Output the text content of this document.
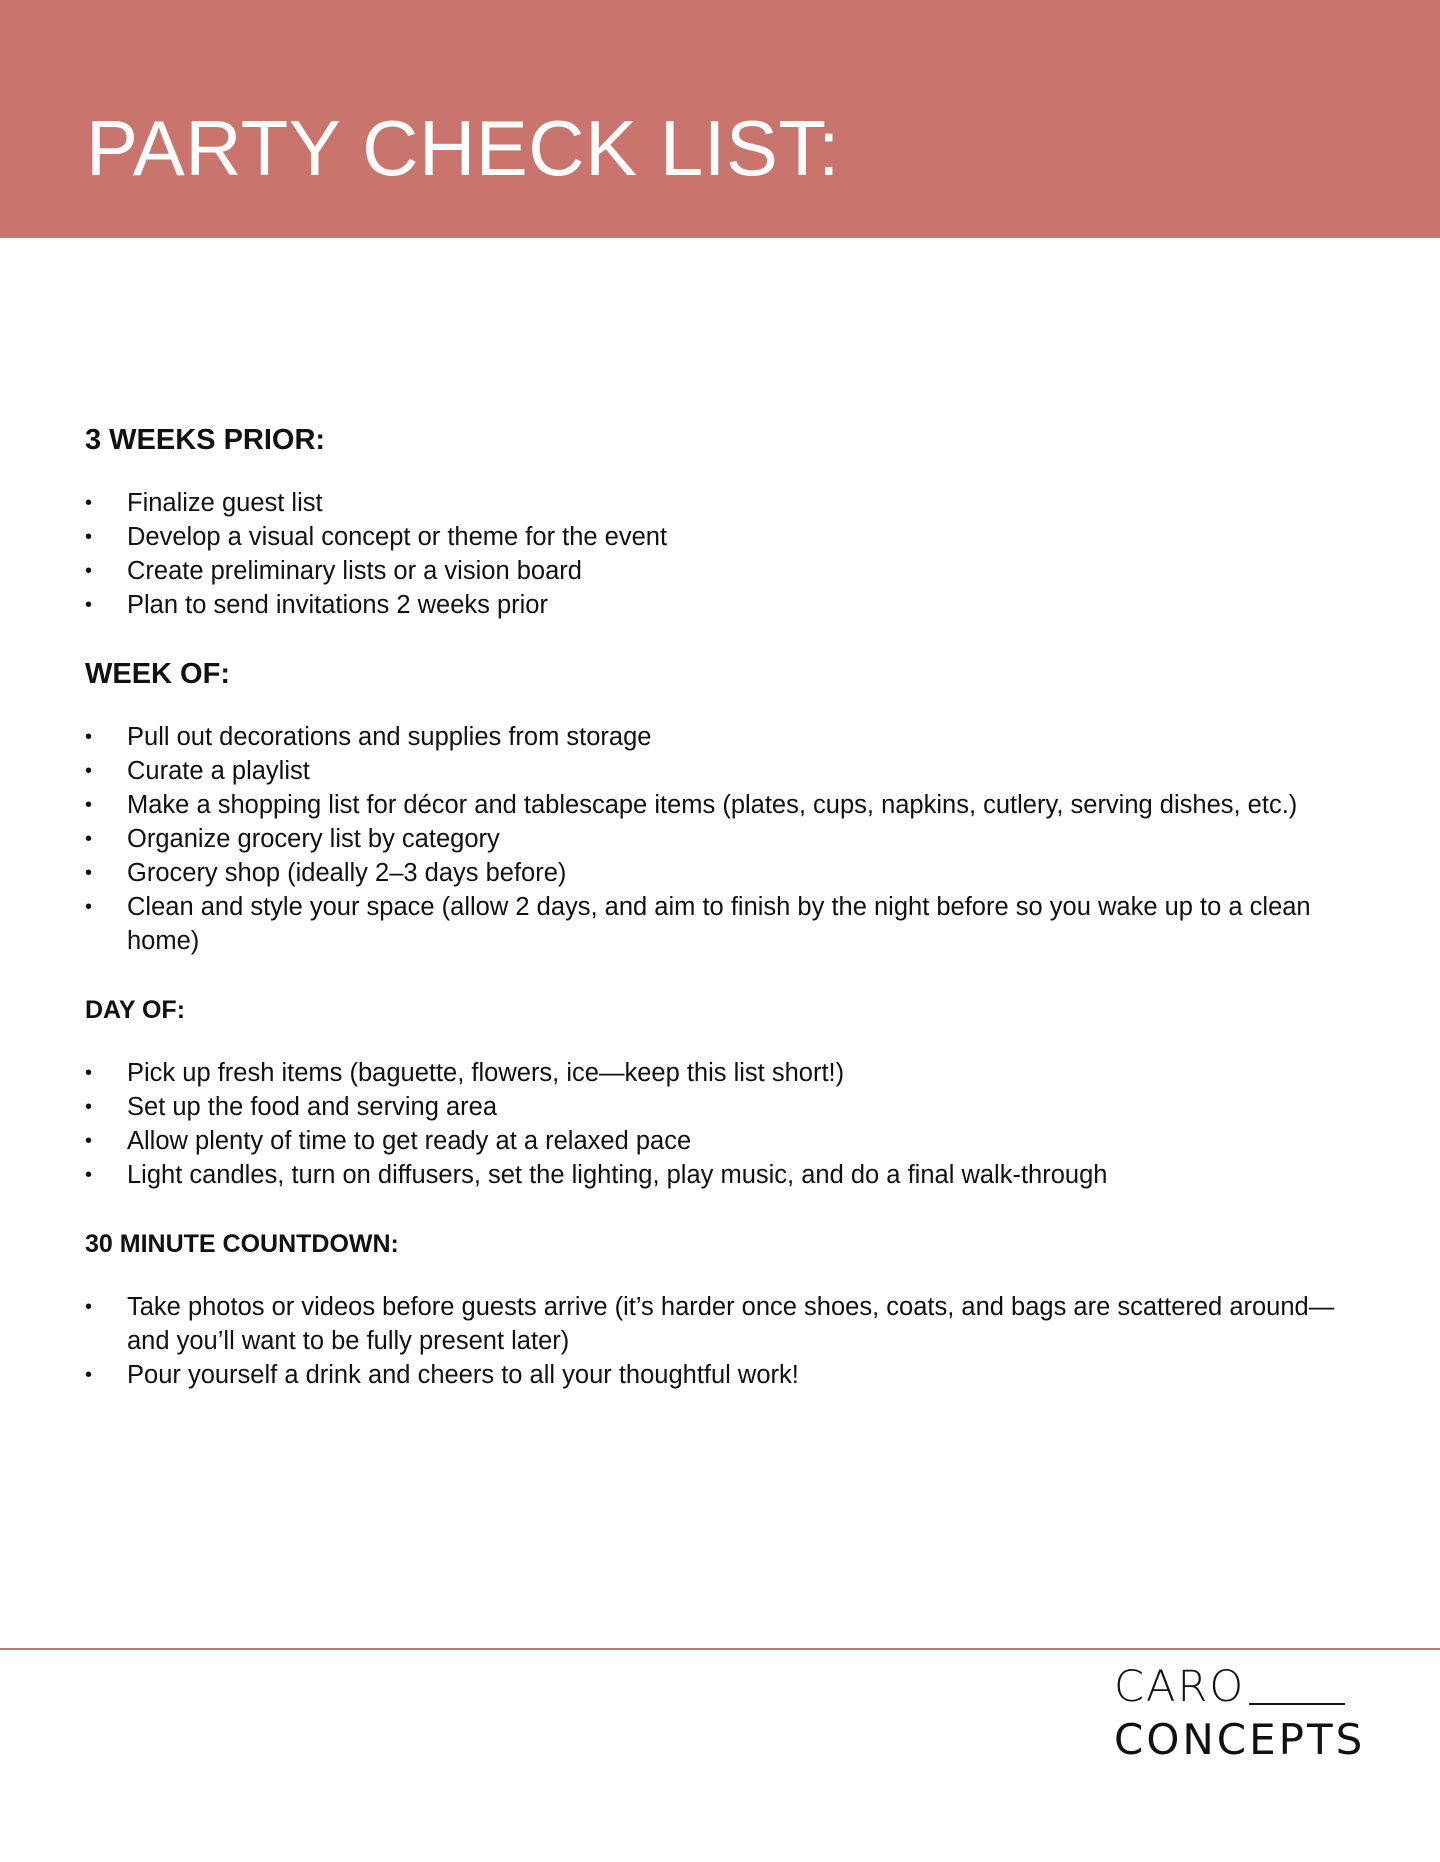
PARTY CHECK LIST:
3 WEEKS PRIOR:
• Finalize guest list
• Develop a visual concept or theme for the event
• Create preliminary lists or a vision board
• Plan to send invitations 2 weeks prior
WEEK OF:
• Pull out decorations and supplies from storage
• Curate a playlist
• Make a shopping list for décor and tablescape items (plates, cups, napkins, cutlery, serving dishes, etc.)
• Organize grocery list by category
• Grocery shop (ideally 2–3 days before)
• Clean and style your space (allow 2 days, and aim to finish by the night before so you wake up to a clean home)
DAY OF:
• Pick up fresh items (baguette, flowers, ice—keep this list short!)
• Set up the food and serving area
• Allow plenty of time to get ready at a relaxed pace
• Light candles, turn on diffusers, set the lighting, play music, and do a final walk-through
30 MINUTE COUNTDOWN:
• Take photos or videos before guests arrive (it’s harder once shoes, coats, and bags are scattered around—and you’ll want to be fully present later)
• Pour yourself a drink and cheers to all your thoughtful work!
CARO
CONCEPTS
